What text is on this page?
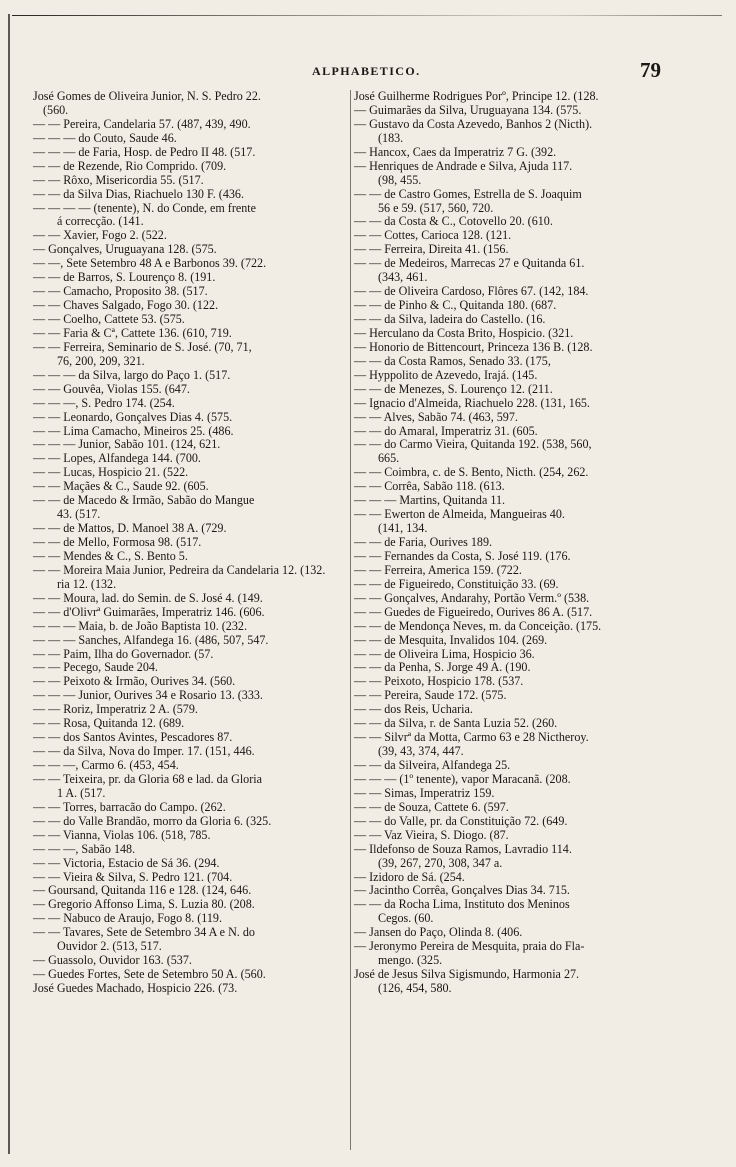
ALPHABETICO.	79
José Gomes de Oliveira Junior, N. S. Pedro 22.
(560.
— — Pereira, Candelaria 57. (487, 439, 490.
— — — do Couto, Saude 46.
— — — de Faria, Hosp. de Pedro II 48. (517.
— — de Rezende, Rio Comprido. (709.
— — Rôxo, Misericordia 55. (517.
— — da Silva Dias, Riachuelo 130 F. (436.
— — — — (tenente), N. do Conde, em frente
á correcção. (141.
— — Xavier, Fogo 2. (522.
— Gonçalves, Uruguayana 128. (575.
— —, Sete Setembro 48 A e Barbonos 39. (722.
— — de Barros, S. Lourenço 8. (191.
— — Camacho, Proposito 38. (517.
— — Chaves Salgado, Fogo 30. (122.
— — Coelho, Cattete 53. (575.
— — Faria & Cª, Cattete 136. (610, 719.
— — Ferreira, Seminario de S. José. (70, 71,
76, 200, 209, 321.
— — — da Silva, largo do Paço 1. (517.
— — Gouvêa, Violas 155. (647.
— — —, S. Pedro 174. (254.
— — Leonardo, Gonçalves Dias 4. (575.
— — Lima Camacho, Mineiros 25. (486.
— — — Junior, Sabão 101. (124, 621.
— — Lopes, Alfandega 144. (700.
— — Lucas, Hospicio 21. (522.
— — Maçães & C., Saude 92. (605.
— — de Macedo & Irmão, Sabão do Mangue
43. (517.
— — de Mattos, D. Manoel 38 A. (729.
— — de Mello, Formosa 98. (517.
— — Mendes & C., S. Bento 5.
— — Moreira Maia Junior, Pedreira da Candelaria 12. (132.
ria 12. (132.
— — Moura, lad. do Semin. de S. José 4. (149.
— — d'Olivrª Guimarães, Imperatriz 146. (606.
— — — Maia, b. de João Baptista 10. (232.
— — — Sanches, Alfandega 16. (486, 507, 547.
— — Paim, Ilha do Governador. (57.
— — Pecego, Saude 204.
— — Peixoto & Irmão, Ourives 34. (560.
— — — Junior, Ourives 34 e Rosario 13. (333.
— — Roriz, Imperatriz 2 A. (579.
— — Rosa, Quitanda 12. (689.
— — dos Santos Avintes, Pescadores 87.
— — da Silva, Nova do Imper. 17. (151, 446.
— — —, Carmo 6. (453, 454.
— — Teixeira, pr. da Gloria 68 e lad. da Gloria
1 A. (517.
— — Torres, barracão do Campo. (262.
— — do Valle Brandão, morro da Gloria 6. (325.
— — Vianna, Violas 106. (518, 785.
— — —, Sabão 148.
— — Victoria, Estacio de Sá 36. (294.
— — Vieira & Silva, S. Pedro 121. (704.
— Goursand, Quitanda 116 e 128. (124, 646.
— Gregorio Affonso Lima, S. Luzia 80. (208.
— — Nabuco de Araujo, Fogo 8. (119.
— — Tavares, Sete de Setembro 34 A e N. do
Ouvidor 2. (513, 517.
— Guassolo, Ouvidor 163. (537.
— Guedes Fortes, Sete de Setembro 50 A. (560.
José Guedes Machado, Hospicio 226. (73.
José Guilherme Rodrigues Porº, Principe 12. (128.
— Guimarães da Silva, Uruguayana 134. (575.
— Gustavo da Costa Azevedo, Banhos 2 (Nicth).
(183.
— Hancox, Caes da Imperatriz 7 G. (392.
— Henriques de Andrade e Silva, Ajuda 117.
(98, 455.
— — de Castro Gomes, Estrella de S. Joaquim
56 e 59. (517, 560, 720.
— — da Costa & C., Cotovello 20. (610.
— — Cottes, Carioca 128. (121.
— — Ferreira, Direita 41. (156.
— — de Medeiros, Marrecas 27 e Quitanda 61.
(343, 461.
— — de Oliveira Cardoso, Flôres 67. (142, 184.
— — de Pinho & C., Quitanda 180. (687.
— — da Silva, ladeira do Castello. (16.
— Herculano da Costa Brito, Hospicio. (321.
— Honorio de Bittencourt, Princeza 136 B. (128.
— — da Costa Ramos, Senado 33. (175,
— Hyppolito de Azevedo, Irajá. (145.
— — de Menezes, S. Lourenço 12. (211.
— Ignacio d'Almeida, Riachuelo 228. (131, 165.
— — Alves, Sabão 74. (463, 597.
— — do Amaral, Imperatriz 31. (605.
— — do Carmo Vieira, Quitanda 192. (538, 560,
665.
— — Coimbra, c. de S. Bento, Nicth. (254, 262.
— — Corrêa, Sabão 118. (613.
— — — Martins, Quitanda 11.
— — Ewerton de Almeida, Mangueiras 40.
(141, 134.
— — de Faria, Ourives 189.
— — Fernandes da Costa, S. José 119. (176.
— — Ferreira, America 159. (722.
— — de Figueiredo, Constituição 33. (69.
— — Gonçalves, Andarahy, Portão Verm.º (538.
— — Guedes de Figueiredo, Ourives 86 A. (517.
— — de Mendonça Neves, m. da Conceição. (175.
— — de Mesquita, Invalidos 104. (269.
— — de Oliveira Lima, Hospicio 36.
— — da Penha, S. Jorge 49 A. (190.
— — Peixoto, Hospicio 178. (537.
— — Pereira, Saude 172. (575.
— — dos Reis, Ucharia.
— — da Silva, r. de Santa Luzia 52. (260.
— — Silvrª da Motta, Carmo 63 e 28 Nictheroy.
(39, 43, 374, 447.
— — da Silveira, Alfandega 25.
— — — (1º tenente), vapor Maracanã. (208.
— — Simas, Imperatriz 159.
— — de Souza, Cattete 6. (597.
— — do Valle, pr. da Constituição 72. (649.
— — Vaz Vieira, S. Diogo. (87.
— Ildefonso de Souza Ramos, Lavradio 114.
(39, 267, 270, 308, 347 a.
— Izidoro de Sá. (254.
— Jacintho Corrêa, Gonçalves Dias 34. 715.
— — da Rocha Lima, Instituto dos Meninos
Cegos. (60.
— Jansen do Paço, Olinda 8. (406.
— Jeronymo Pereira de Mesquita, praia do Fla-
mengo. (325.
José de Jesus Silva Sigismundo, Harmonia 27.
(126, 454, 580.
